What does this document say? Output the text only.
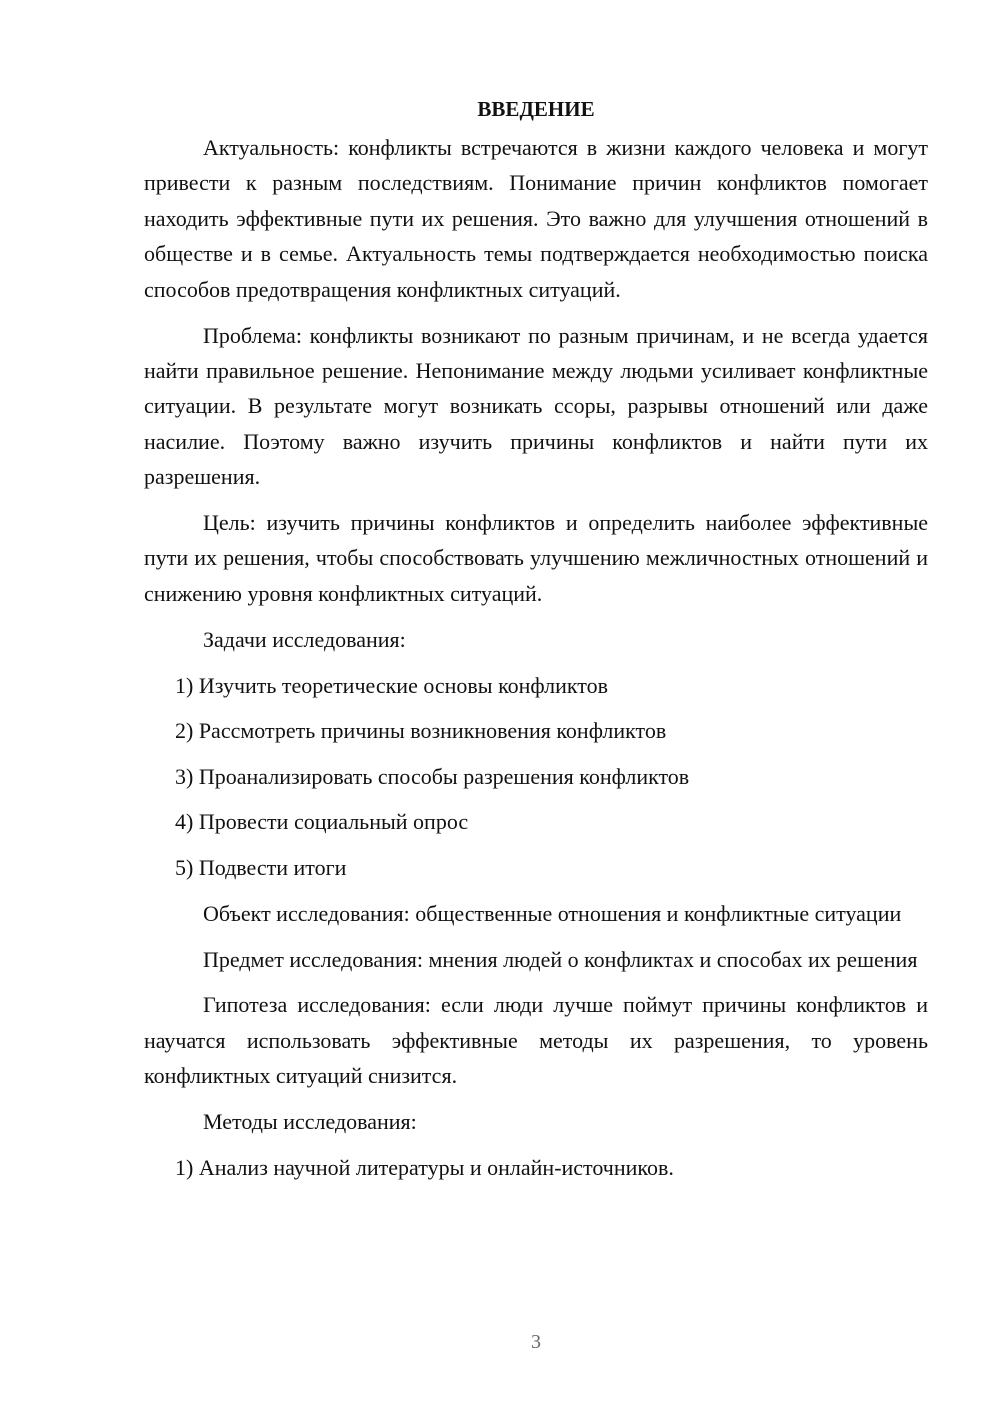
ВВЕДЕНИЕ

Актуальность: конфликты встречаются в жизни каждого человека и могут привести к разным последствиям. Понимание причин конфликтов помогает находить эффективные пути их решения. Это важно для улучшения отношений в обществе и в семье. Актуальность темы подтверждается необходимостью поиска способов предотвращения конфликтных ситуаций.

Проблема: конфликты возникают по разным причинам, и не всегда удается найти правильное решение. Непонимание между людьми усиливает конфликтные ситуации. В результате могут возникать ссоры, разрывы отношений или даже насилие. Поэтому важно изучить причины конфликтов и найти пути их разрешения.

Цель: изучить причины конфликтов и определить наиболее эффективные пути их решения, чтобы способствовать улучшению межличностных отношений и снижению уровня конфликтных ситуаций.

Задачи исследования:

1) Изучить теоретические основы конфликтов
2) Рассмотреть причины возникновения конфликтов
3) Проанализировать способы разрешения конфликтов
4) Провести социальный опрос
5) Подвести итоги

Объект исследования: общественные отношения и конфликтные ситуации

Предмет исследования: мнения людей о конфликтах и способах их решения

Гипотеза исследования: если люди лучше поймут причины конфликтов и научатся использовать эффективные методы их разрешения, то уровень конфликтных ситуаций снизится.

Методы исследования:

1) Анализ научной литературы и онлайн-источников.
3
